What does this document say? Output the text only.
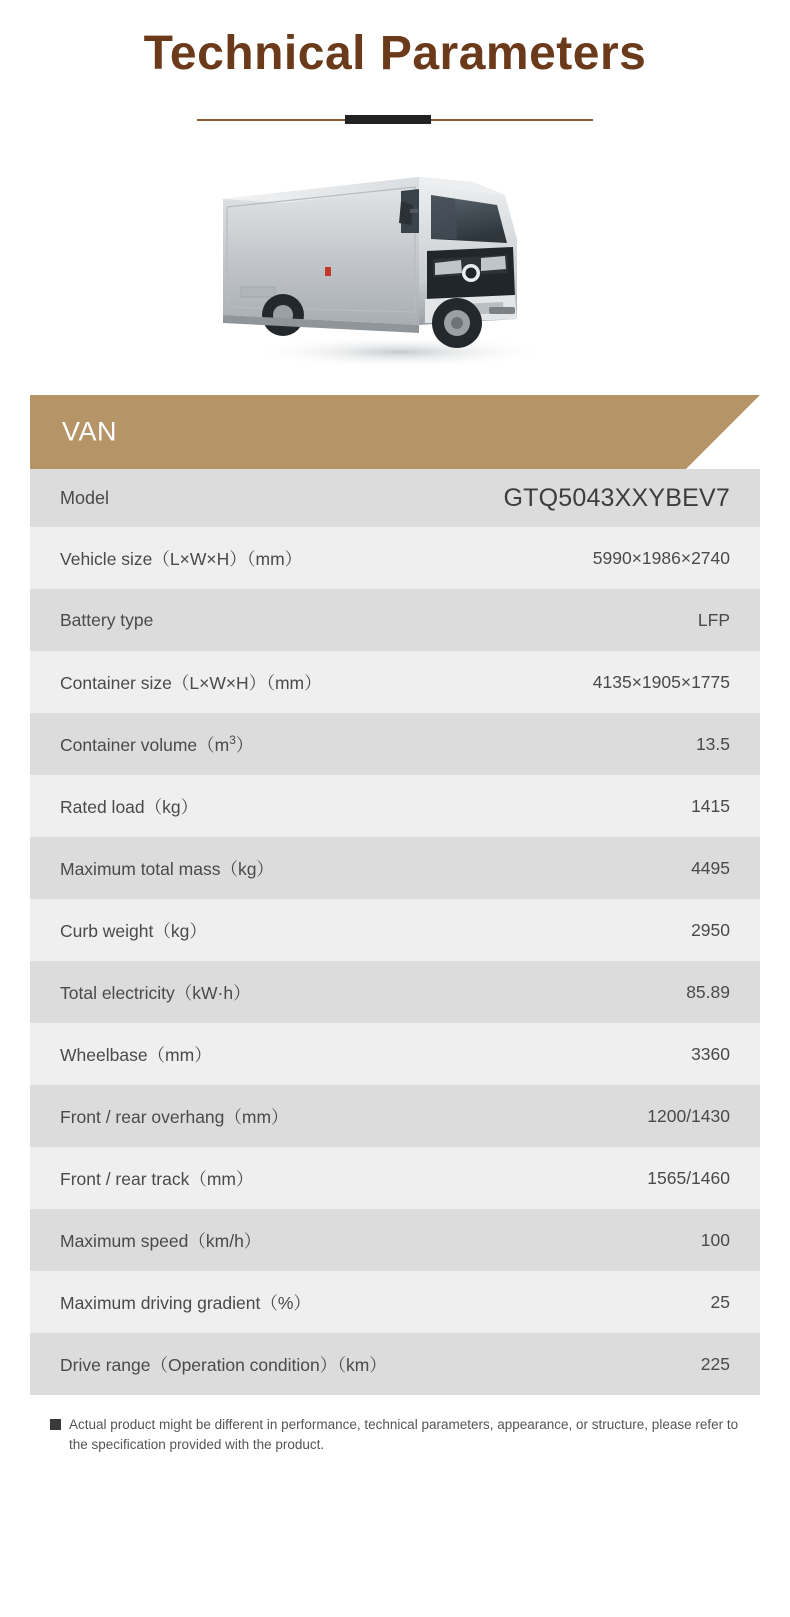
Technical Parameters
VAN
Model	GTQ5043XXYBEV7
Vehicle size（L×W×H）（mm）	5990×1986×2740
Battery type	LFP
Container size（L×W×H）（mm）	4135×1905×1775
Container $volume(m^3)$	13.5
Rated load（kg）	1415
Maximum total mass（kg）	4495
Curb weight（kg）	2950
Total electricity（kW·h）	85.89
Wheelbase（mm）	3360
Front / rear overhang（mm）	1200/1430
Front / rear track（mm）	1565/1460
Maximum speed（km/h）	100
Maximum driving gradient（%）	25
Drive range（Operation condition）（km）	225
Actual product might be different in performance, technical parameters, appearance, or structure, please refer to the specification provided with the product.
